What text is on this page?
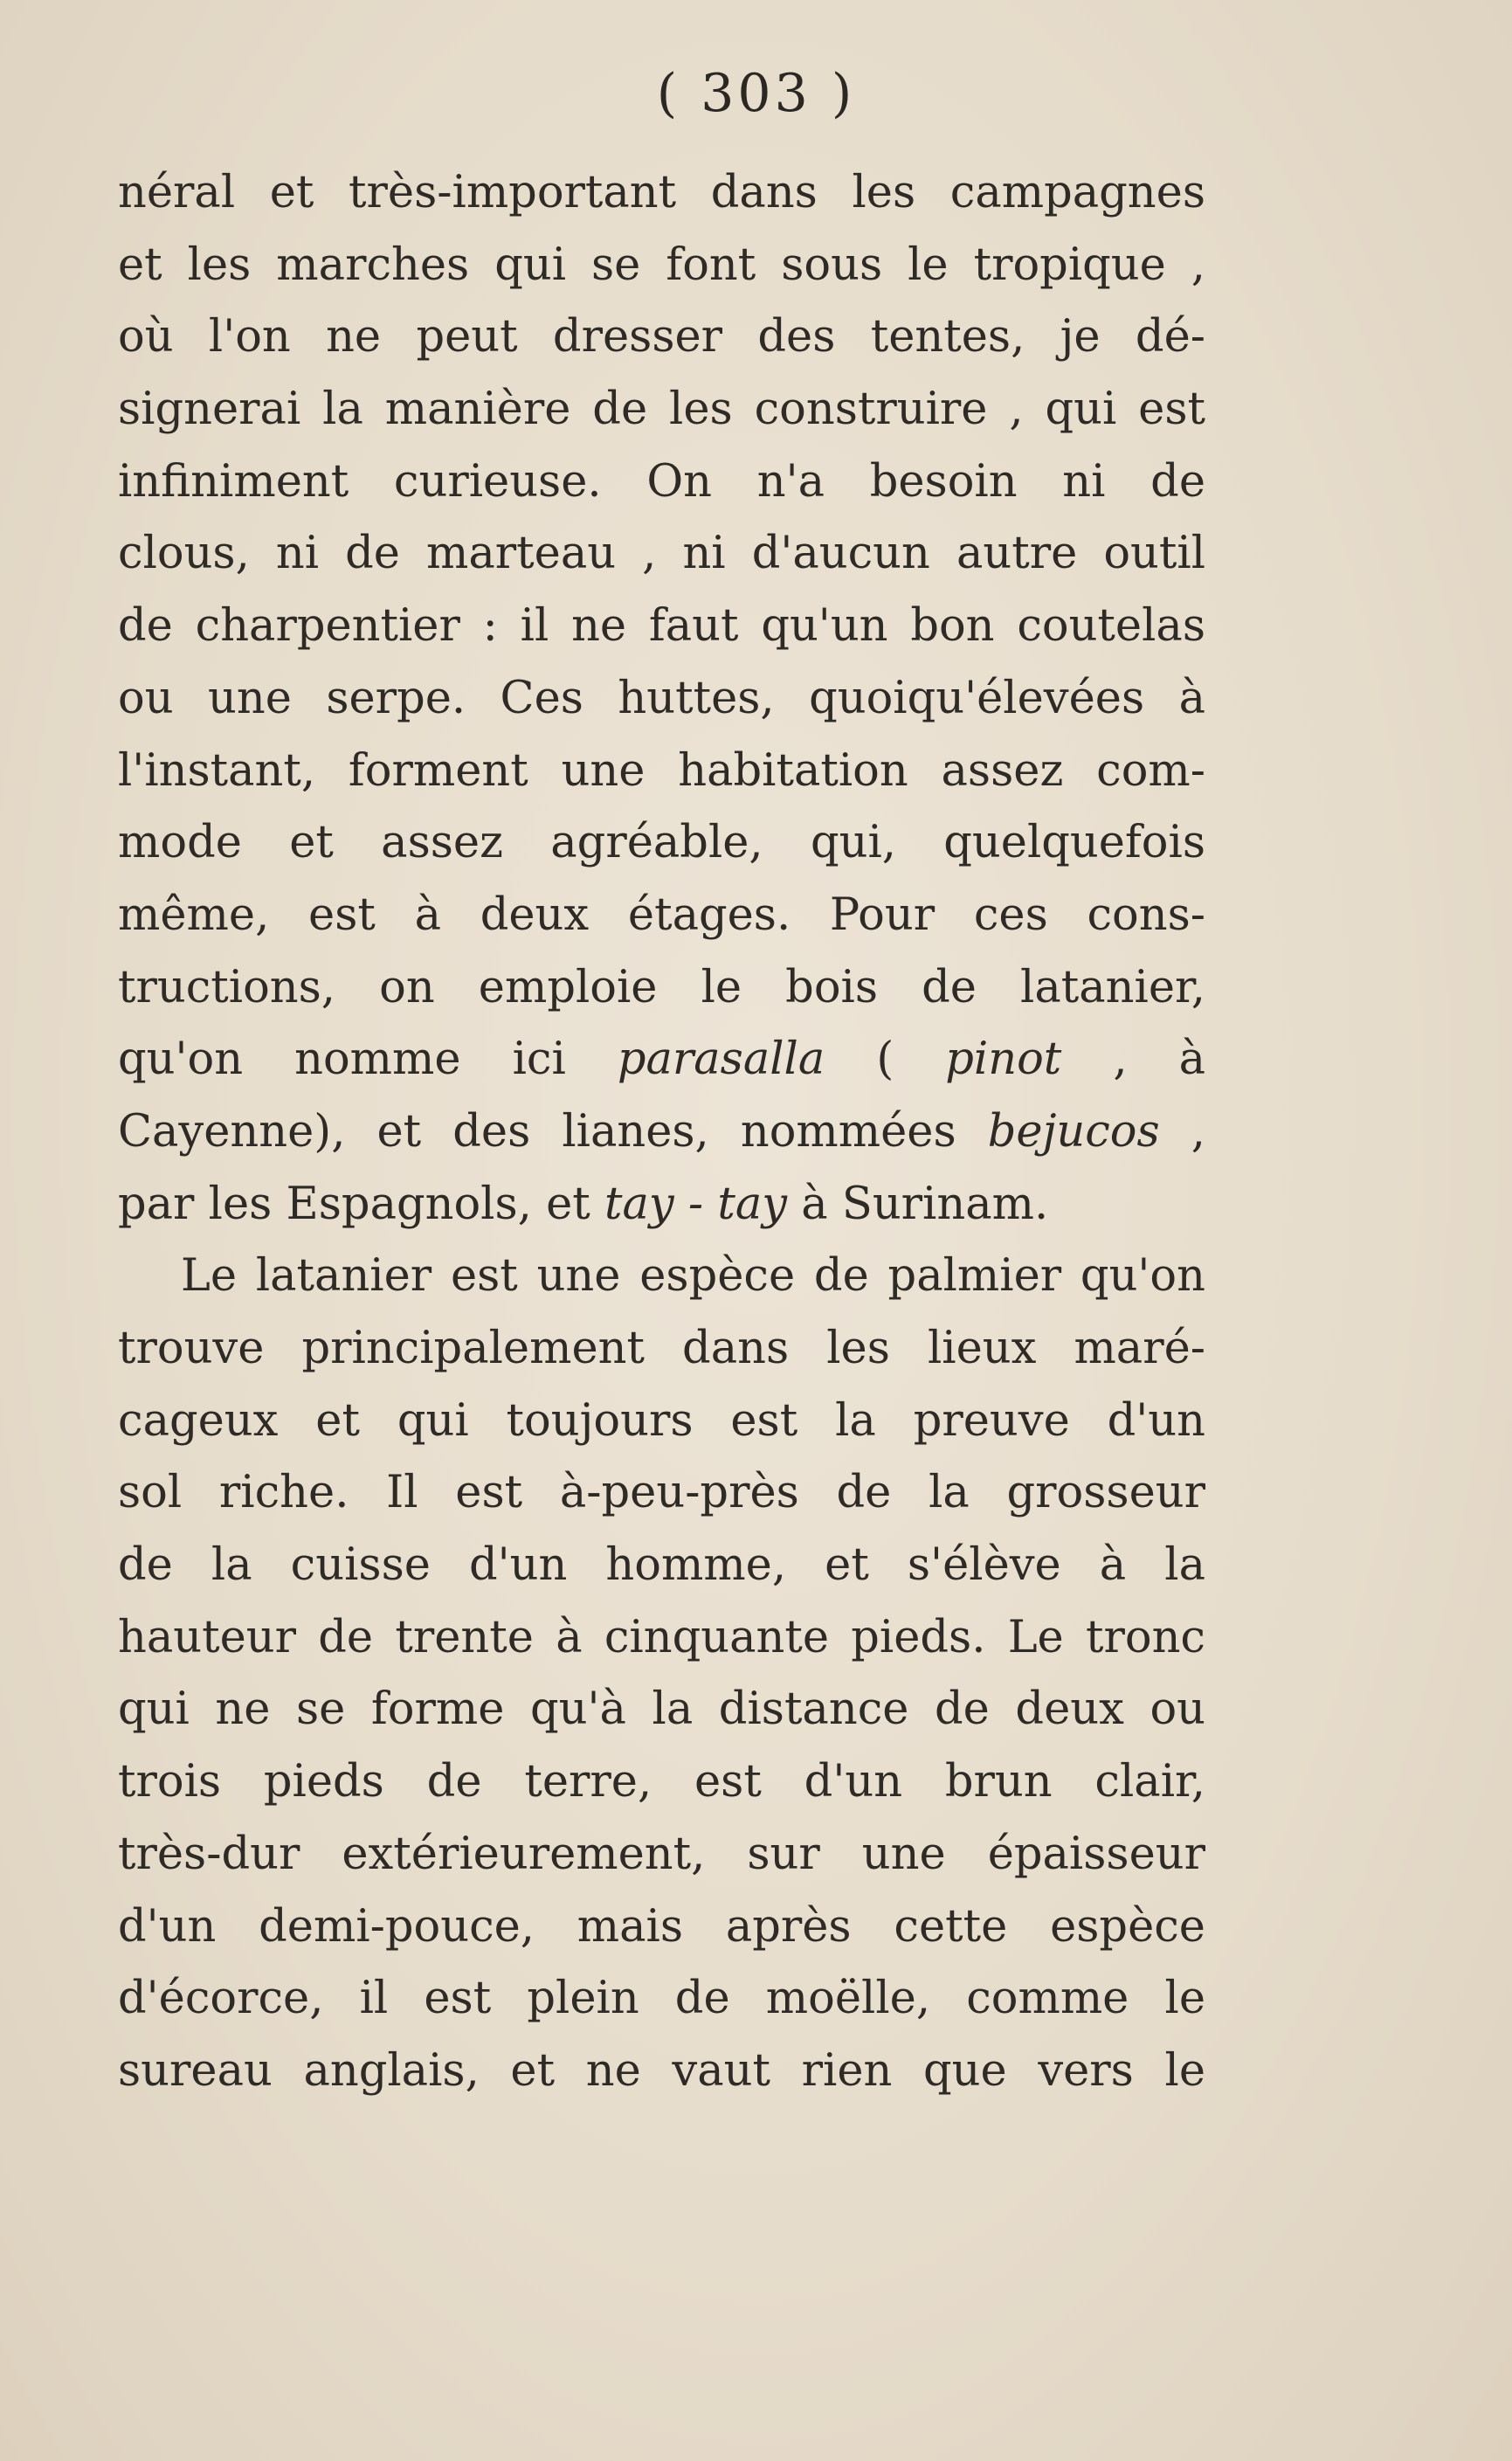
( 303 )
néral et très-important dans les campagnes
et les marches qui se font sous le tropique ,
où l'on ne peut dresser des tentes, je dé-
signerai la manière de les construire , qui est
infiniment curieuse. On n'a besoin ni de
clous, ni de marteau , ni d'aucun autre outil
de charpentier : il ne faut qu'un bon coutelas
ou une serpe. Ces huttes, quoiqu'élevées à
l'instant, forment une habitation assez com-
mode et assez agréable, qui, quelquefois
même, est à deux étages. Pour ces cons-
tructions, on emploie le bois de latanier,
qu'on nomme ici parasalla ( pinot , à
Cayenne), et des lianes, nommées bejucos ,
par les Espagnols, et tay - tay à Surinam.
Le latanier est une espèce de palmier qu'on
trouve principalement dans les lieux maré-
cageux et qui toujours est la preuve d'un
sol riche. Il est à-peu-près de la grosseur
de la cuisse d'un homme, et s'élève à la
hauteur de trente à cinquante pieds. Le tronc
qui ne se forme qu'à la distance de deux ou
trois pieds de terre, est d'un brun clair,
très-dur extérieurement, sur une épaisseur
d'un demi-pouce, mais après cette espèce
d'écorce, il est plein de moëlle, comme le
sureau anglais, et ne vaut rien que vers le
